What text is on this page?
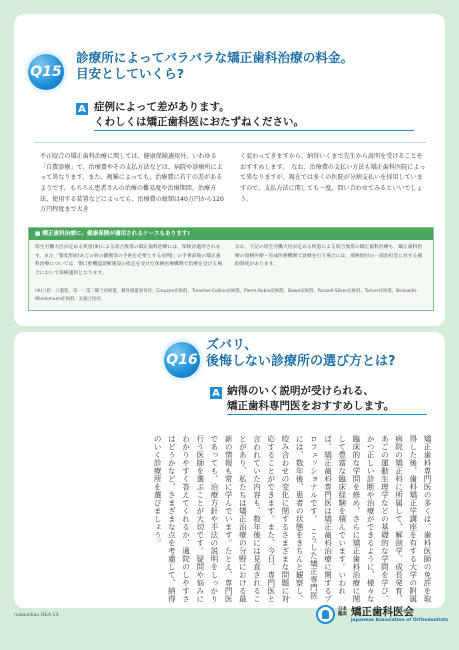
Q15
診療所によってバラバラな矯正歯科治療の料金。
目安としていくら?
A 症例によって差があります。
くわしくは矯正歯科医におたずねください。
不正咬合の矯正歯科治療に関しては、健康保険適用外、いわゆる「自費診療」で、治療費やその支払方法などは、病院や診療所によって異なります。また、複雑によっても、治療費に若干の差があるようです。もちろん患者さんの治療の難易度や治療期間、治療方法、使用する装置などによっても、治療費の総額は40万円から120万円程度まで大き
く変わってきますから、納得いくまで先生から説明を受けることをおすすめします。　なお、治療費の支払い方法も矯正歯科医院によって異なりますが、現在では多くの医院が分割支払いを採用していますので、支払方法に関しても一度、問い合わせてみるといいでしょう。
■ 矯正歯科治療に、健康保険が適用されるケースもあります!
厚生労働大臣が定める疾患(※)による咬合異常の矯正歯科治療には、保険が適用されます。また「顎変形症(あごの骨の離断等の手術を必要とする症例)」の手術前後の矯正歯科治療については、顎口腔機能診断施設の指定を受けた保険医療機関で治療を受ける場合において保険適用となります。
なお、下記の厚生労働大臣が定める疾患による咬合異常の矯正歯科治療も、矯正歯科治療の資格医療・育成医療機関で診療を行う場合には、保険給付の一部負担金に対する補助制度があります。
(※)口唇・口蓋裂、第一・第二鰓弓症候群、鎖骨頭蓋異骨症、Crouzon症候群、Treacher-Collins症候群、Pierre Robin症候群、Down症候群、Russell-Silver症候群、Turner症候群、Beckwith-Wiedemann症候群、尖頭合指症。
Q16
ズバリ、
後悔しない診療所の選び方とは?
A 納得のいく説明が受けられる、
矯正歯科専門医をおすすめします。
矯正歯科専門医の多くは、歯科医師の免許を取得した後、歯科矯正学講座を有する大学の附属病院の矯正科に所属して、解剖学、成長発育、あごの運動生理学などの基礎的な学問を学び、かつ正しい診断や治療ができるように、様々な臨床的な学問を修め、さらに矯正歯科治療に関して豊富な臨床経験を積んでいます。いわれば、矯正歯科専門医は矯正歯科治療に関するプロフェッショナルです。　こうした矯正専門医には、数年後、患者の状態をきちんと観察し、咬み合わせの変化に関するさまざまな問題に対応することができます。また、今日、専門医と言われていた内容も、数年後には見直されることがあり、私たちは矯正治療の分野における最新の情報も常に学んでいます。たとえ、専門医であっても、治療方針や手法の説明をしっかり行う医師を選ぶことが大切です。疑問や悩みにわかりやすく答えてくれるか、通院のしやすさはどうかなど、さまざまな点を考慮して、納得のいく診療所を選びましょう。
nukounkou O&A-13
日本臨床 矯正歯科医会
Japanese Association of Orthodontists
